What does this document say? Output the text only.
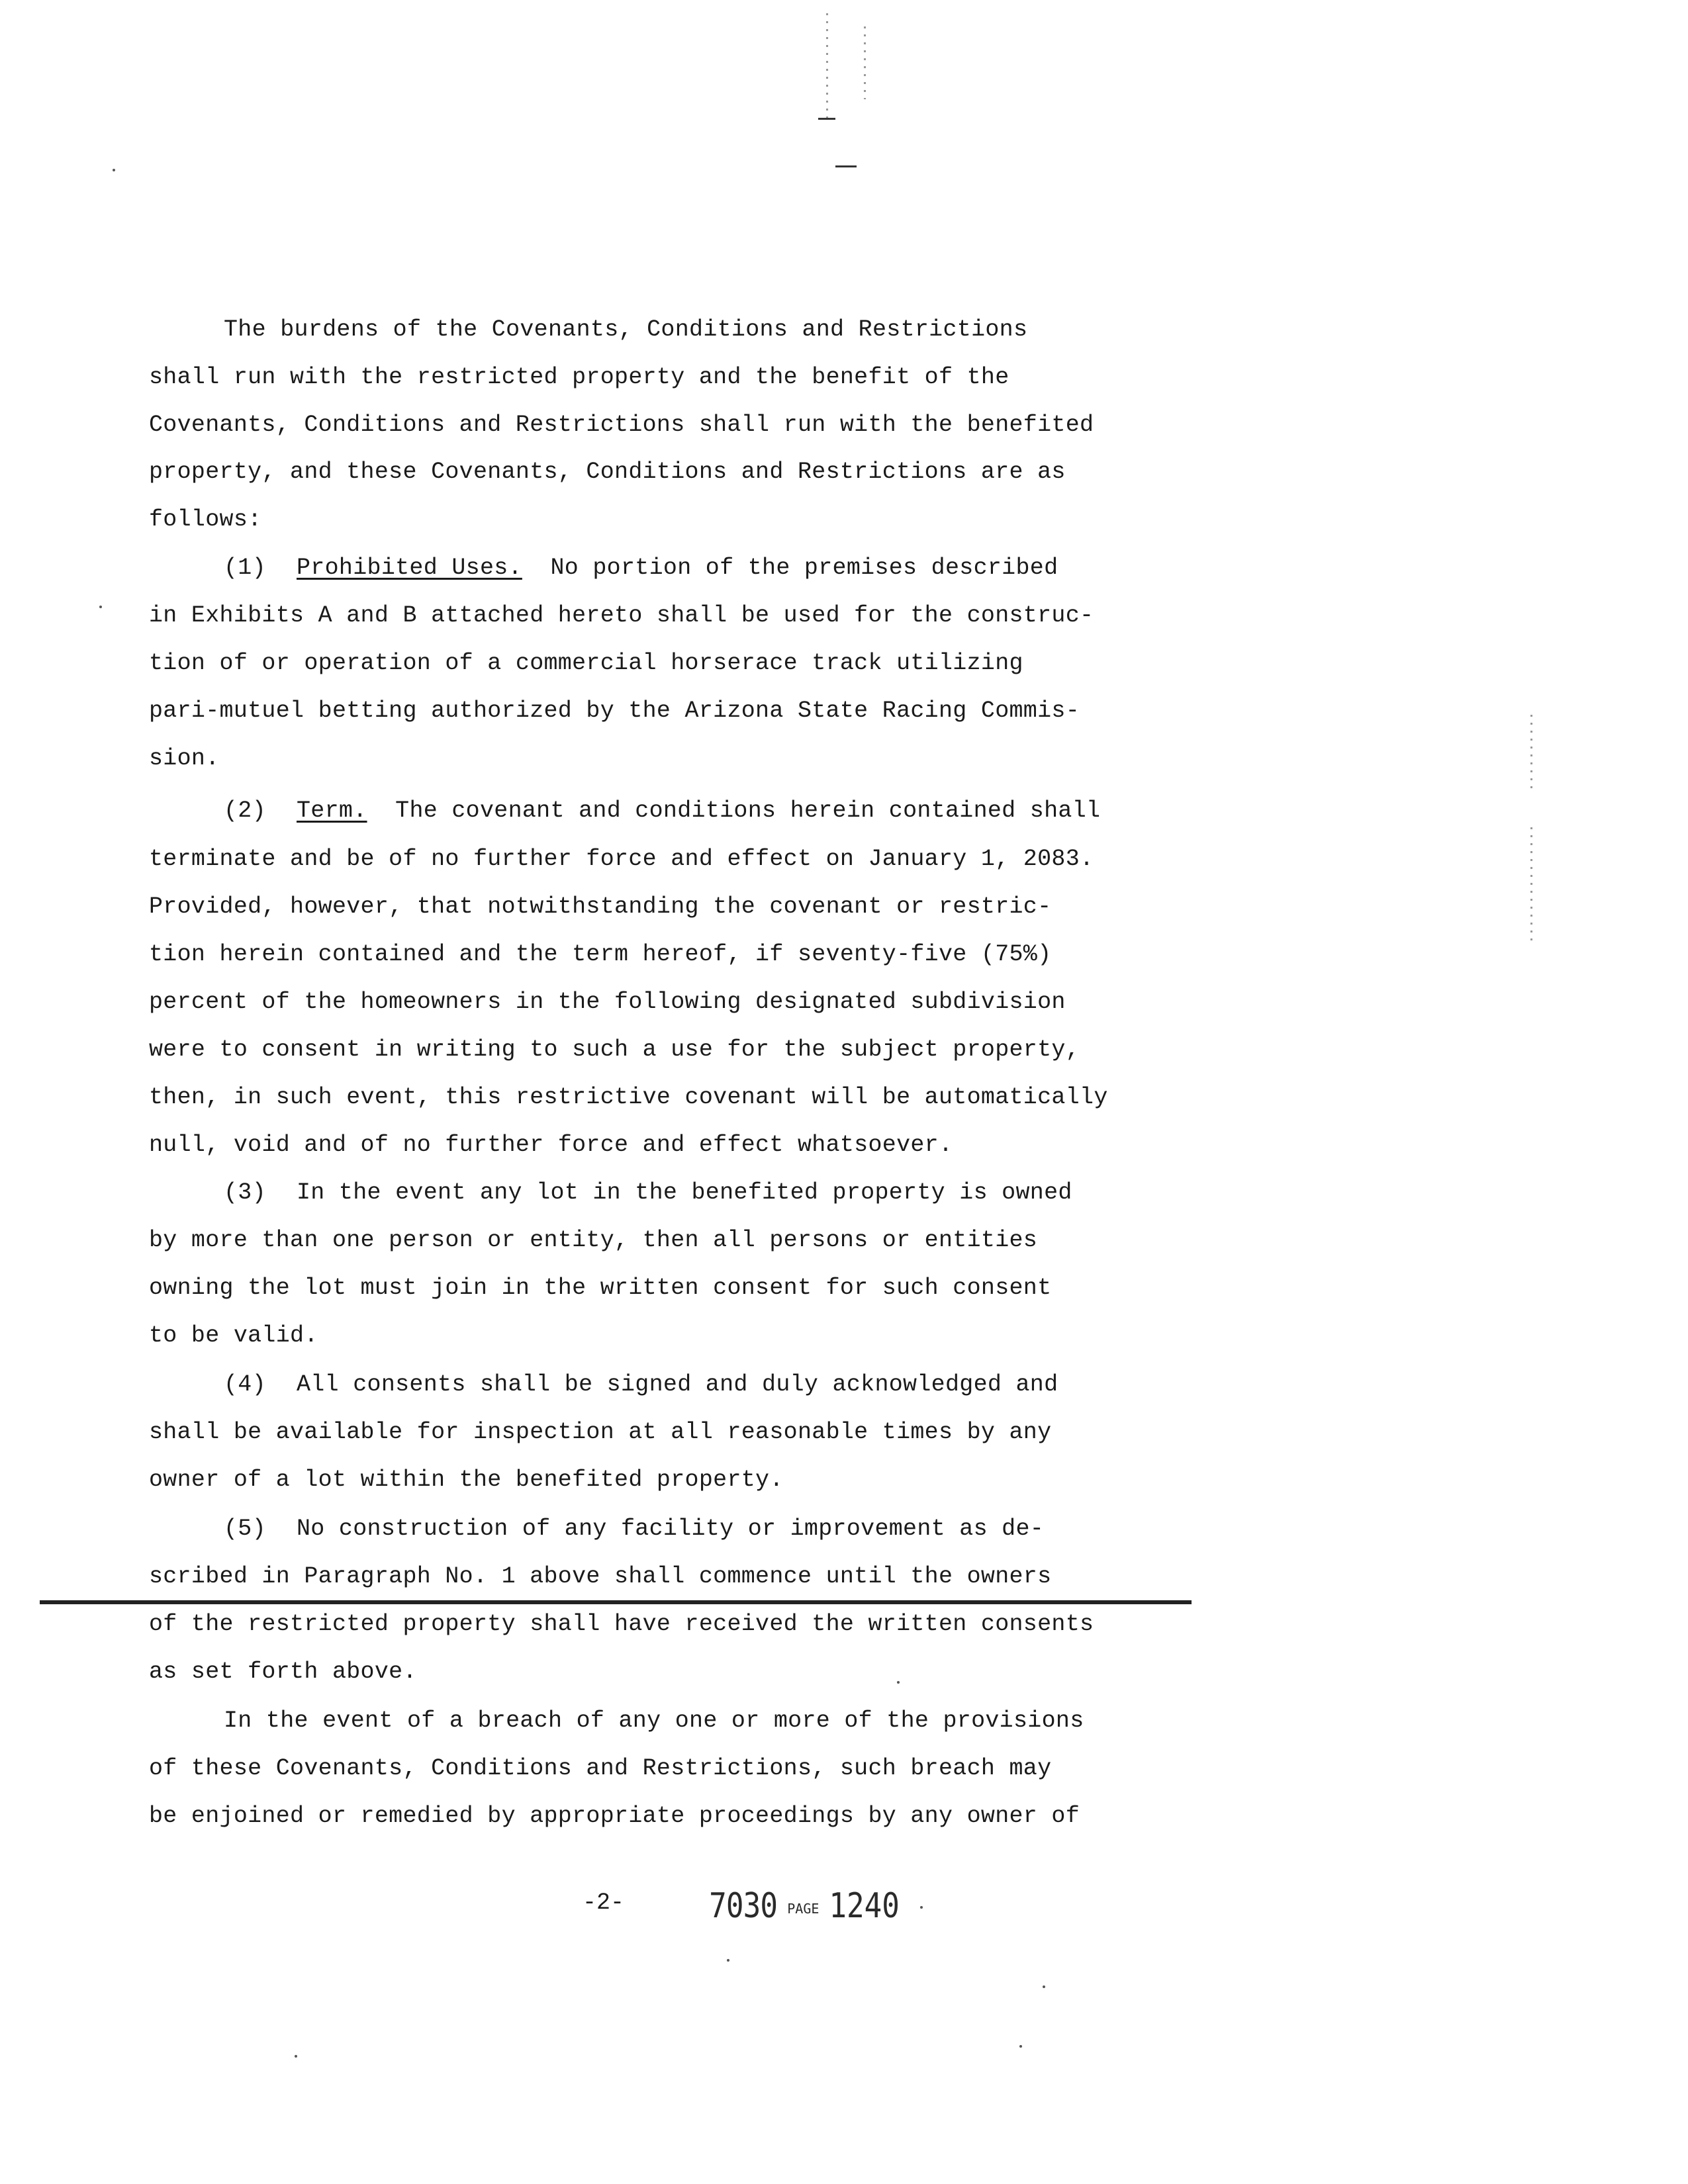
The burdens of the Covenants, Conditions and Restrictions
shall run with the restricted property and the benefit of the
Covenants, Conditions and Restrictions shall run with the benefited
property, and these Covenants, Conditions and Restrictions are as
follows:
(1) Prohibited Uses. No portion of the premises described
in Exhibits A and B attached hereto shall be used for the construc-
tion of or operation of a commercial horserace track utilizing
pari-mutuel betting authorized by the Arizona State Racing Commis-
sion.
(2) Term. The covenant and conditions herein contained shall
terminate and be of no further force and effect on January 1, 2083.
Provided, however, that notwithstanding the covenant or restric-
tion herein contained and the term hereof, if seventy-five (75%)
percent of the homeowners in the following designated subdivision
were to consent in writing to such a use for the subject property,
then, in such event, this restrictive covenant will be automatically
null, void and of no further force and effect whatsoever.
(3) In the event any lot in the benefited property is owned
by more than one person or entity, then all persons or entities
owning the lot must join in the written consent for such consent
to be valid.
(4) All consents shall be signed and duly acknowledged and
shall be available for inspection at all reasonable times by any
owner of a lot within the benefited property.
(5) No construction of any facility or improvement as de-
scribed in Paragraph No. 1 above shall commence until the owners
of the restricted property shall have received the written consents
as set forth above.
In the event of a breach of any one or more of the provisions
of these Covenants, Conditions and Restrictions, such breach may
be enjoined or remedied by appropriate proceedings by any owner of
-2- 7030 PAGE 1240
